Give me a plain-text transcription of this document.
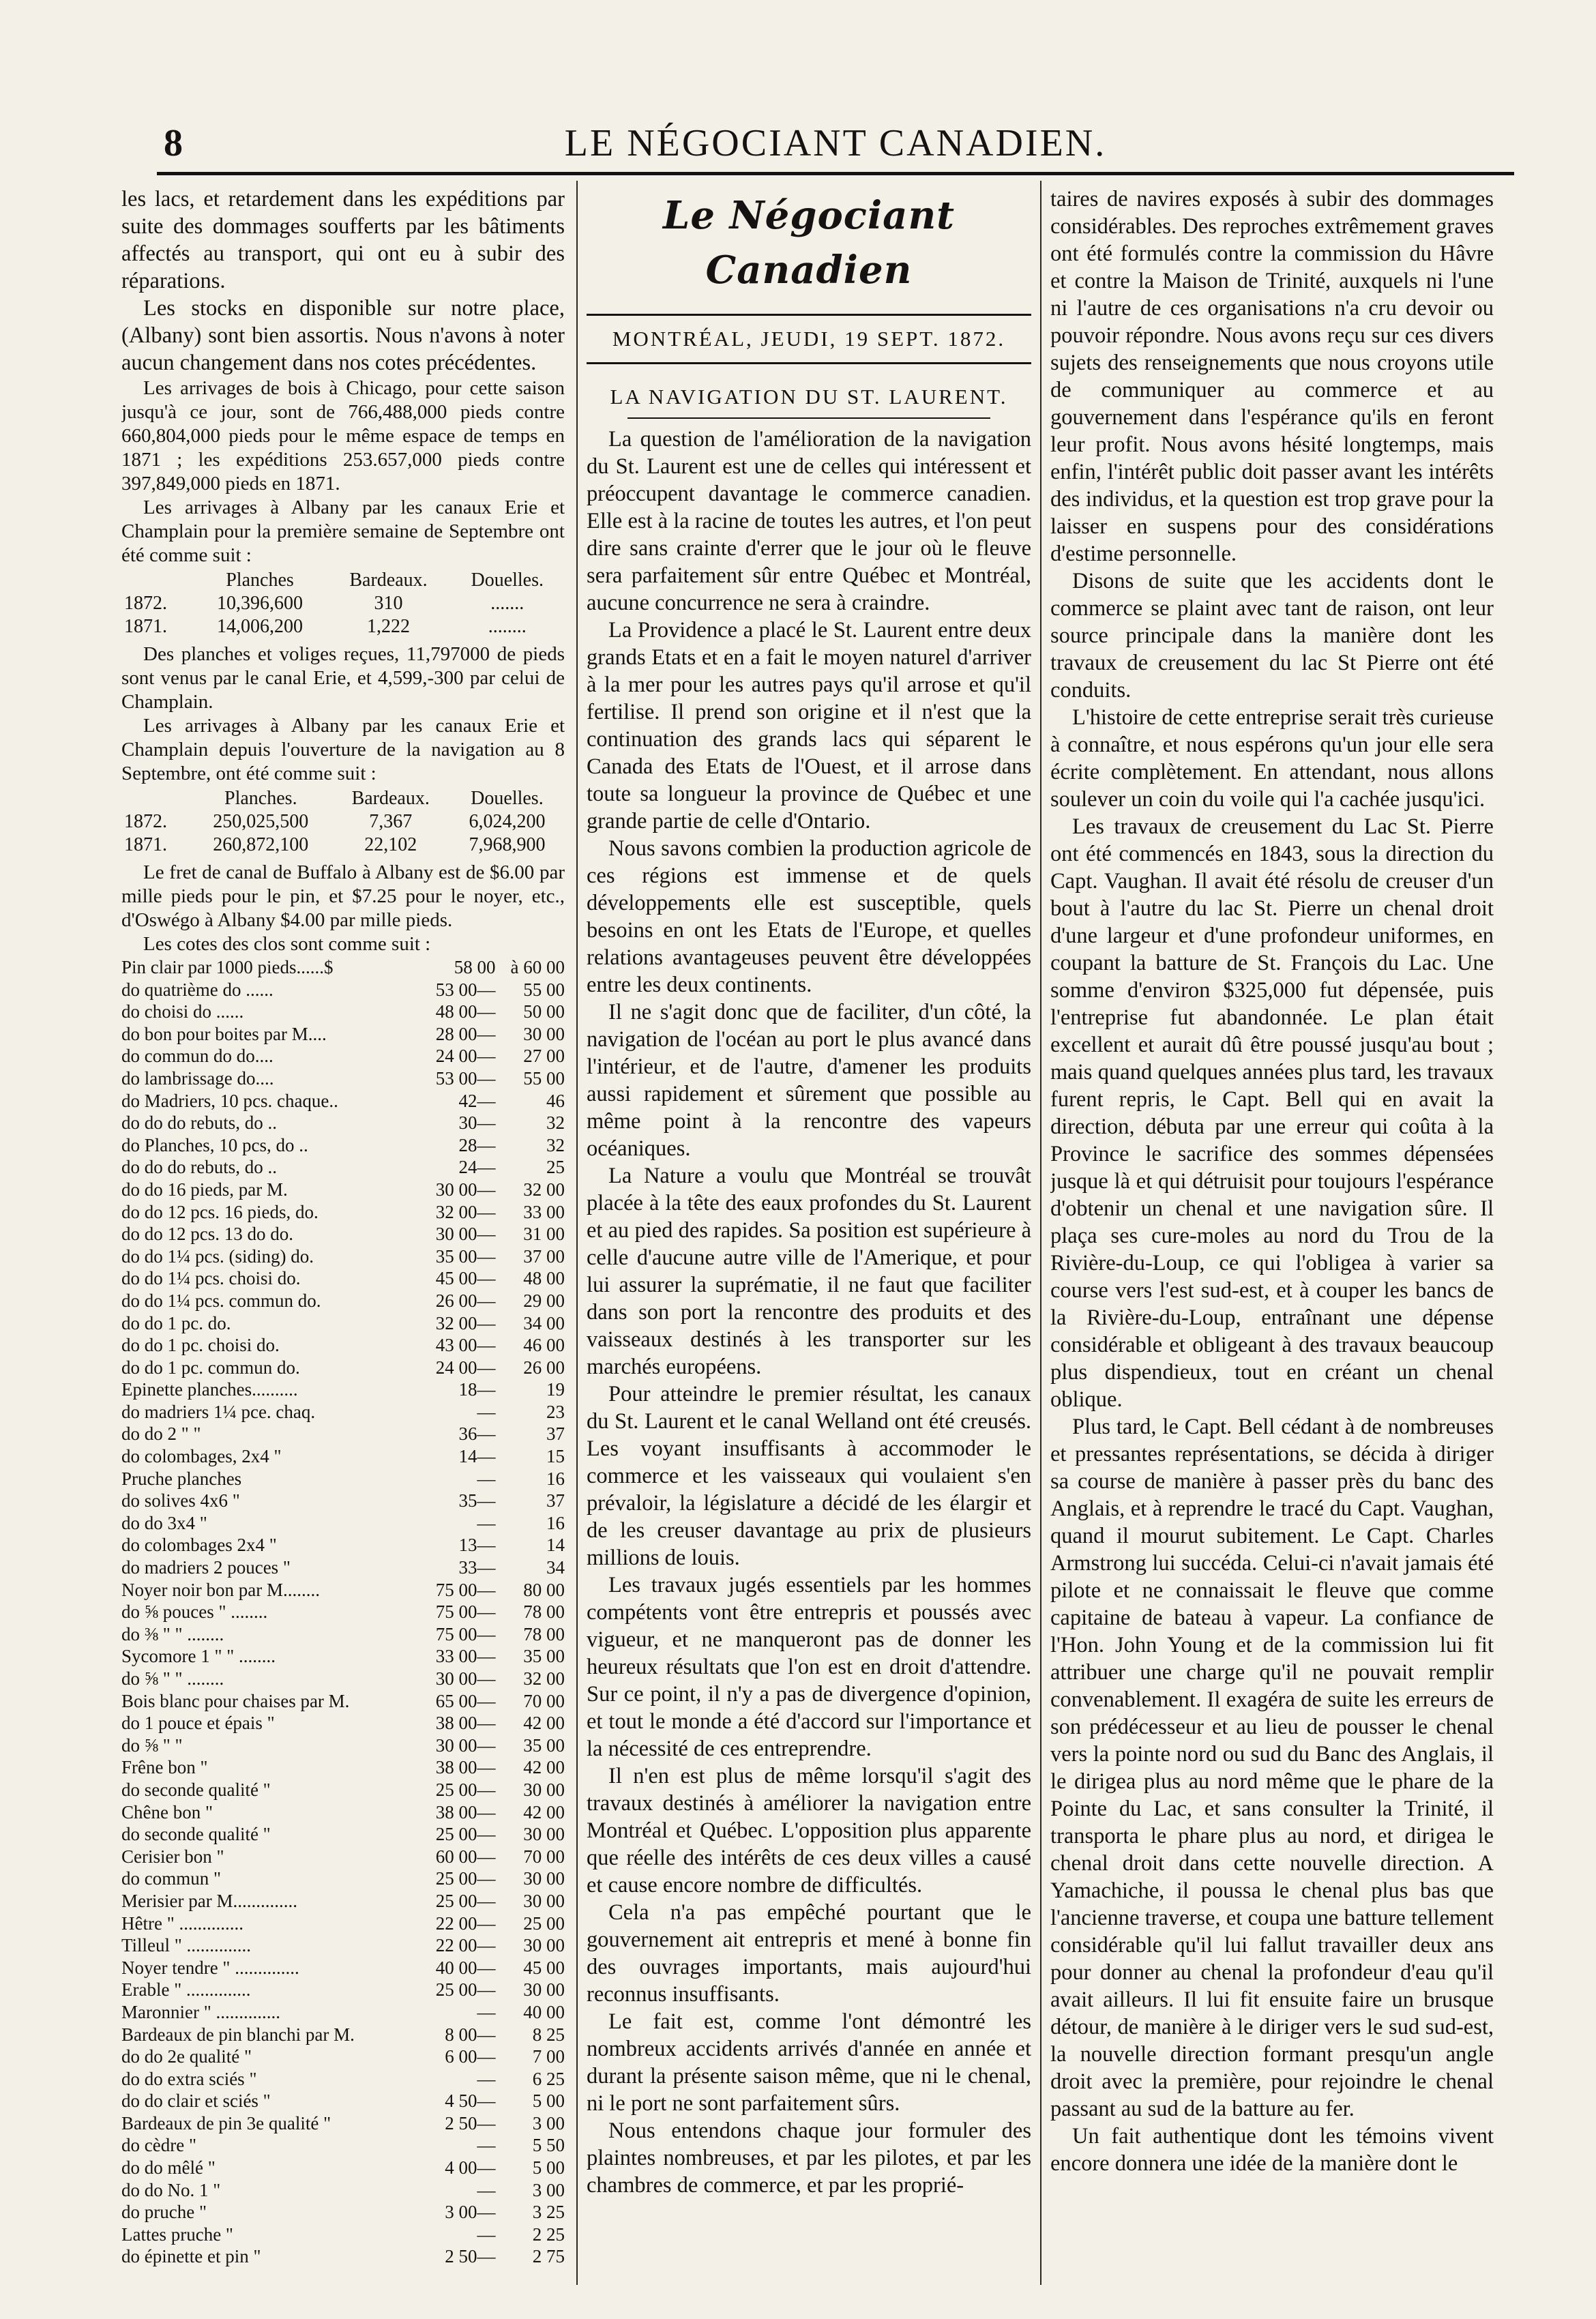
8	LE NÉGOCIANT CANADIEN.

les lacs, et retardement dans les expéditions par suite des dommages soufferts par les bâtiments affectés au transport, qui ont eu à subir des réparations.

Les stocks en disponible sur notre place, (Albany) sont bien assortis. Nous n'avons à noter aucun changement dans nos cotes précédentes.

Les arrivages de bois à Chicago, pour cette saison jusqu'à ce jour, sont de 766,488,000 pieds contre 660,804,000 pieds pour le même espace de temps en 1871 ; les expéditions 253.657,000 pieds contre 397,849,000 pieds en 1871.

Les arrivages à Albany par les canaux Erie et Champlain pour la première semaine de Septembre ont été comme suit :

	Planches	Bardeaux.	Douelles.
1872.	10,396,600	310	.......
1871.	14,006,200	1,222	........

Des planches et voliges reçues, 11,797000 de pieds sont venus par le canal Erie, et 4,599,-300 par celui de Champlain.

Les arrivages à Albany par les canaux Erie et Champlain depuis l'ouverture de la navigation au 8 Septembre, ont été comme suit :

	Planches.	Bardeaux.	Douelles.
1872.	250,025,500	7,367	6,024,200
1871.	260,872,100	22,102	7,968,900

Le fret de canal de Buffalo à Albany est de $6.00 par mille pieds pour le pin, et $7.25 pour le noyer, etc., d'Oswégo à Albany $4.00 par mille pieds.

Les cotes des clos sont comme suit :

Pin clair par 1000 pieds......$	58 00	à 60 00
do quatrième do ......	53 00—	55 00
do choisi do ......	48 00—	50 00
do bon pour boites par M....	28 00—	30 00
do commun do do....	24 00—	27 00
do lambrissage do....	53 00—	55 00
do Madriers, 10 pcs. chaque..	42—	46
do do do rebuts, do ..	30—	32
do Planches, 10 pcs, do ..	28—	32
do do do rebuts, do ..	24—	25
do do 16 pieds, par M.	30 00—	32 00
do do 12 pcs. 16 pieds, do.	32 00—	33 00
do do 12 pcs. 13 do do.	30 00—	31 00
do do 1¼ pcs. (siding) do.	35 00—	37 00
do do 1¼ pcs. choisi do.	45 00—	48 00
do do 1¼ pcs. commun do.	26 00—	29 00
do do 1 pc. do.	32 00—	34 00
do do 1 pc. choisi do.	43 00—	46 00
do do 1 pc. commun do.	24 00—	26 00
Epinette planches..........	18—	19
do madriers 1¼ pce. chaq.	—	23
do do 2 " "	36—	37
do colombages, 2x4 "	14—	15
Pruche planches	—	16
do solives 4x6 "	35—	37
do do 3x4 "	—	16
do colombages 2x4 "	13—	14
do madriers 2 pouces "	33—	34
Noyer noir bon par M........	75 00—	80 00
do ⅝ pouces " ........	75 00—	78 00
do ⅜ " " ........	75 00—	78 00
Sycomore 1 " " ........	33 00—	35 00
do ⅝ " " ........	30 00—	32 00
Bois blanc pour chaises par M.	65 00—	70 00
do 1 pouce et épais "	38 00—	42 00
do ⅝ " "	30 00—	35 00
Frêne bon "	38 00—	42 00
do seconde qualité "	25 00—	30 00
Chêne bon "	38 00—	42 00
do seconde qualité "	25 00—	30 00
Cerisier bon "	60 00—	70 00
do commun "	25 00—	30 00
Merisier par M..............	25 00—	30 00
Hêtre " ..............	22 00—	25 00
Tilleul " ..............	22 00—	30 00
Noyer tendre " ..............	40 00—	45 00
Erable " ..............	25 00—	30 00
Maronnier " ..............	—	40 00
Bardeaux de pin blanchi par M.	8 00—	8 25
do do 2e qualité "	6 00—	7 00
do do extra sciés "	—	6 25
do do clair et sciés "	4 50—	5 00
Bardeaux de pin 3e qualité "	2 50—	3 00
do cèdre "	—	5 50
do do mêlé "	4 00—	5 00
do do No. 1 "	—	3 00
do pruche "	3 00—	3 25
Lattes pruche "	—	2 25
do épinette et pin "	2 50—	2 75
Le Négociant Canadien
MONTRÉAL, JEUDI, 19 SEPT. 1872.
LA NAVIGATION DU ST. LAURENT.

La question de l'amélioration de la navigation du St. Laurent est une de celles qui intéressent et préoccupent davantage le commerce canadien. Elle est à la racine de toutes les autres, et l'on peut dire sans crainte d'errer que le jour où le fleuve sera parfaitement sûr entre Québec et Montréal, aucune concurrence ne sera à craindre.

La Providence a placé le St. Laurent entre deux grands Etats et en a fait le moyen naturel d'arriver à la mer pour les autres pays qu'il arrose et qu'il fertilise. Il prend son origine et il n'est que la continuation des grands lacs qui séparent le Canada des Etats de l'Ouest, et il arrose dans toute sa longueur la province de Québec et une grande partie de celle d'Ontario.

Nous savons combien la production agricole de ces régions est immense et de quels développements elle est susceptible, quels besoins en ont les Etats de l'Europe, et quelles relations avantageuses peuvent être développées entre les deux continents.

Il ne s'agit donc que de faciliter, d'un côté, la navigation de l'océan au port le plus avancé dans l'intérieur, et de l'autre, d'amener les produits aussi rapidement et sûrement que possible au même point à la rencontre des vapeurs océaniques.

La Nature a voulu que Montréal se trouvât placée à la tête des eaux profondes du St. Laurent et au pied des rapides. Sa position est supérieure à celle d'aucune autre ville de l'Amerique, et pour lui assurer la suprématie, il ne faut que faciliter dans son port la rencontre des produits et des vaisseaux destinés à les transporter sur les marchés européens.

Pour atteindre le premier résultat, les canaux du St. Laurent et le canal Welland ont été creusés. Les voyant insuffisants à accommoder le commerce et les vaisseaux qui voulaient s'en prévaloir, la législature a décidé de les élargir et de les creuser davantage au prix de plusieurs millions de louis.

Les travaux jugés essentiels par les hommes compétents vont être entrepris et poussés avec vigueur, et ne manqueront pas de donner les heureux résultats que l'on est en droit d'attendre. Sur ce point, il n'y a pas de divergence d'opinion, et tout le monde a été d'accord sur l'importance et la nécessité de ces entreprendre.

Il n'en est plus de même lorsqu'il s'agit des travaux destinés à améliorer la navigation entre Montréal et Québec. L'opposition plus apparente que réelle des intérêts de ces deux villes a causé et cause encore nombre de difficultés.

Cela n'a pas empêché pourtant que le gouvernement ait entrepris et mené à bonne fin des ouvrages importants, mais aujourd'hui reconnus insuffisants.

Le fait est, comme l'ont démontré les nombreux accidents arrivés d'année en année et durant la présente saison même, que ni le chenal, ni le port ne sont parfaitement sûrs.

Nous entendons chaque jour formuler des plaintes nombreuses, et par les pilotes, et par les chambres de commerce, et par les proprié-

taires de navires exposés à subir des dommages considérables. Des reproches extrêmement graves ont été formulés contre la commission du Hâvre et contre la Maison de Trinité, auxquels ni l'une ni l'autre de ces organisations n'a cru devoir ou pouvoir répondre. Nous avons reçu sur ces divers sujets des renseignements que nous croyons utile de communiquer au commerce et au gouvernement dans l'espérance qu'ils en feront leur profit. Nous avons hésité longtemps, mais enfin, l'intérêt public doit passer avant les intérêts des individus, et la question est trop grave pour la laisser en suspens pour des considérations d'estime personnelle.

Disons de suite que les accidents dont le commerce se plaint avec tant de raison, ont leur source principale dans la manière dont les travaux de creusement du lac St Pierre ont été conduits.

L'histoire de cette entreprise serait très curieuse à connaître, et nous espérons qu'un jour elle sera écrite complètement. En attendant, nous allons soulever un coin du voile qui l'a cachée jusqu'ici.

Les travaux de creusement du Lac St. Pierre ont été commencés en 1843, sous la direction du Capt. Vaughan. Il avait été résolu de creuser d'un bout à l'autre du lac St. Pierre un chenal droit d'une largeur et d'une profondeur uniformes, en coupant la batture de St. François du Lac. Une somme d'environ $325,000 fut dépensée, puis l'entreprise fut abandonnée. Le plan était excellent et aurait dû être poussé jusqu'au bout ; mais quand quelques années plus tard, les travaux furent repris, le Capt. Bell qui en avait la direction, débuta par une erreur qui coûta à la Province le sacrifice des sommes dépensées jusque là et qui détruisit pour toujours l'espérance d'obtenir un chenal et une navigation sûre. Il plaça ses cure-moles au nord du Trou de la Rivière-du-Loup, ce qui l'obligea à varier sa course vers l'est sud-est, et à couper les bancs de la Rivière-du-Loup, entraînant une dépense considérable et obligeant à des travaux beaucoup plus dispendieux, tout en créant un chenal oblique.

Plus tard, le Capt. Bell cédant à de nombreuses et pressantes représentations, se décida à diriger sa course de manière à passer près du banc des Anglais, et à reprendre le tracé du Capt. Vaughan, quand il mourut subitement. Le Capt. Charles Armstrong lui succéda. Celui-ci n'avait jamais été pilote et ne connaissait le fleuve que comme capitaine de bateau à vapeur. La confiance de l'Hon. John Young et de la commission lui fit attribuer une charge qu'il ne pouvait remplir convenablement. Il exagéra de suite les erreurs de son prédécesseur et au lieu de pousser le chenal vers la pointe nord ou sud du Banc des Anglais, il le dirigea plus au nord même que le phare de la Pointe du Lac, et sans consulter la Trinité, il transporta le phare plus au nord, et dirigea le chenal droit dans cette nouvelle direction. A Yamachiche, il poussa le chenal plus bas que l'ancienne traverse, et coupa une batture tellement considérable qu'il lui fallut travailler deux ans pour donner au chenal la profondeur d'eau qu'il avait ailleurs. Il lui fit ensuite faire un brusque détour, de manière à le diriger vers le sud sud-est, la nouvelle direction formant presqu'un angle droit avec la première, pour rejoindre le chenal passant au sud de la batture au fer.

Un fait authentique dont les témoins vivent encore donnera une idée de la manière dont le
